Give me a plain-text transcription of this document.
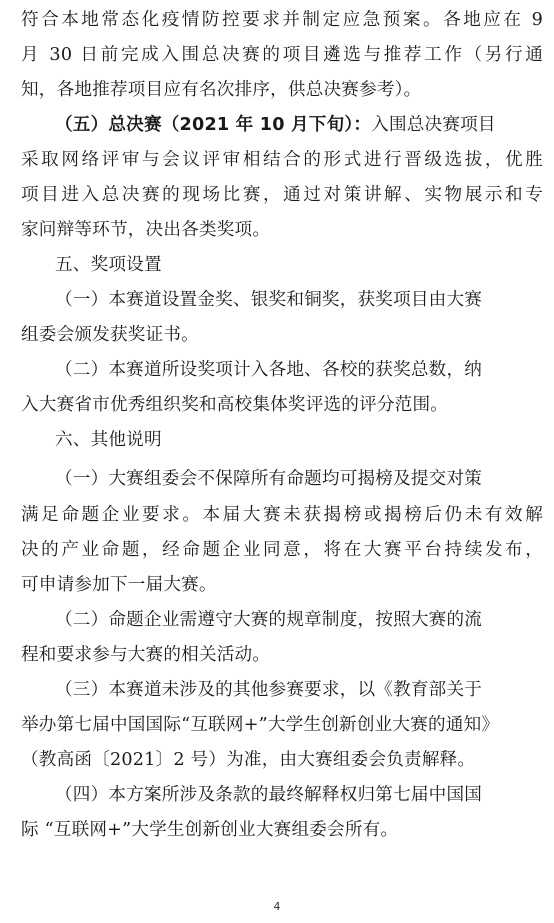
符合本地常态化疫情防控要求并制定应急预案。各地应在 9
月 30 日前完成入围总决赛的项目遴选与推荐工作（另行通
知，各地推荐项目应有名次排序，供总决赛参考）。
（五）总决赛（2021 年 10 月下旬）：入围总决赛项目
采取网络评审与会议评审相结合的形式进行晋级选拔，优胜
项目进入总决赛的现场比赛，通过对策讲解、实物展示和专
家问辩等环节，决出各类奖项。
五、奖项设置
（一）本赛道设置金奖、银奖和铜奖，获奖项目由大赛
组委会颁发获奖证书。
（二）本赛道所设奖项计入各地、各校的获奖总数，纳
入大赛省市优秀组织奖和高校集体奖评选的评分范围。
六、其他说明
（一）大赛组委会不保障所有命题均可揭榜及提交对策
满足命题企业要求。本届大赛未获揭榜或揭榜后仍未有效解
决的产业命题，经命题企业同意，将在大赛平台持续发布，
可申请参加下一届大赛。
（二）命题企业需遵守大赛的规章制度，按照大赛的流
程和要求参与大赛的相关活动。
（三）本赛道未涉及的其他参赛要求，以《教育部关于
举办第七届中国国际“互联网+”大学生创新创业大赛的通知》
（教高函〔2021〕2 号）为准，由大赛组委会负责解释。
（四）本方案所涉及条款的最终解释权归第七届中国国
际 “互联网+”大学生创新创业大赛组委会所有。
4
